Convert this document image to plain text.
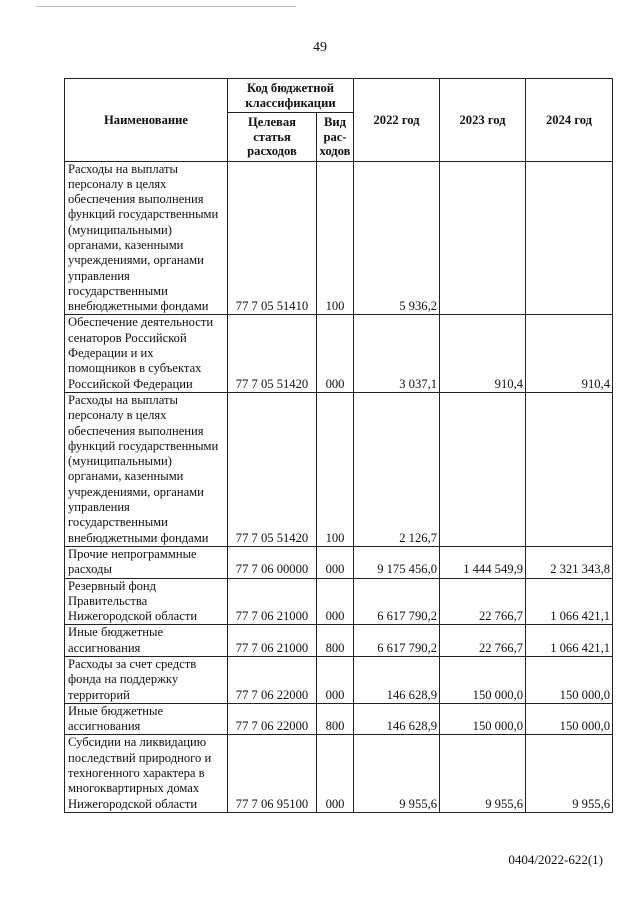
49
Наименование	Код бюджетной классификации		2022 год	2023 год	2024 год
	Целевая статья расходов	Вид рас-ходов			
Расходы на выплаты персоналу в целях обеспечения выполнения функций государственными (муниципальными) органами, казенными учреждениями, органами управления государственными внебюджетными фондами	77 7 05 51410	100	5 936,2		
Обеспечение деятельности сенаторов Российской Федерации и их помощников в субъектах Российской Федерации	77 7 05 51420	000	3 037,1	910,4	910,4
Расходы на выплаты персоналу в целях обеспечения выполнения функций государственными (муниципальными) органами, казенными учреждениями, органами управления государственными внебюджетными фондами	77 7 05 51420	100	2 126,7		
Прочие непрограммные расходы	77 7 06 00000	000	9 175 456,0	1 444 549,9	2 321 343,8
Резервный фонд Правительства Нижегородской области	77 7 06 21000	000	6 617 790,2	22 766,7	1 066 421,1
Иные бюджетные ассигнования	77 7 06 21000	800	6 617 790,2	22 766,7	1 066 421,1
Расходы за счет средств фонда на поддержку территорий	77 7 06 22000	000	146 628,9	150 000,0	150 000,0
Иные бюджетные ассигнования	77 7 06 22000	800	146 628,9	150 000,0	150 000,0
Субсидии на ликвидацию последствий природного и техногенного характера в многоквартирных домах Нижегородской области	77 7 06 95100	000	9 955,6	9 955,6	9 955,6
0404/2022-622(1)
